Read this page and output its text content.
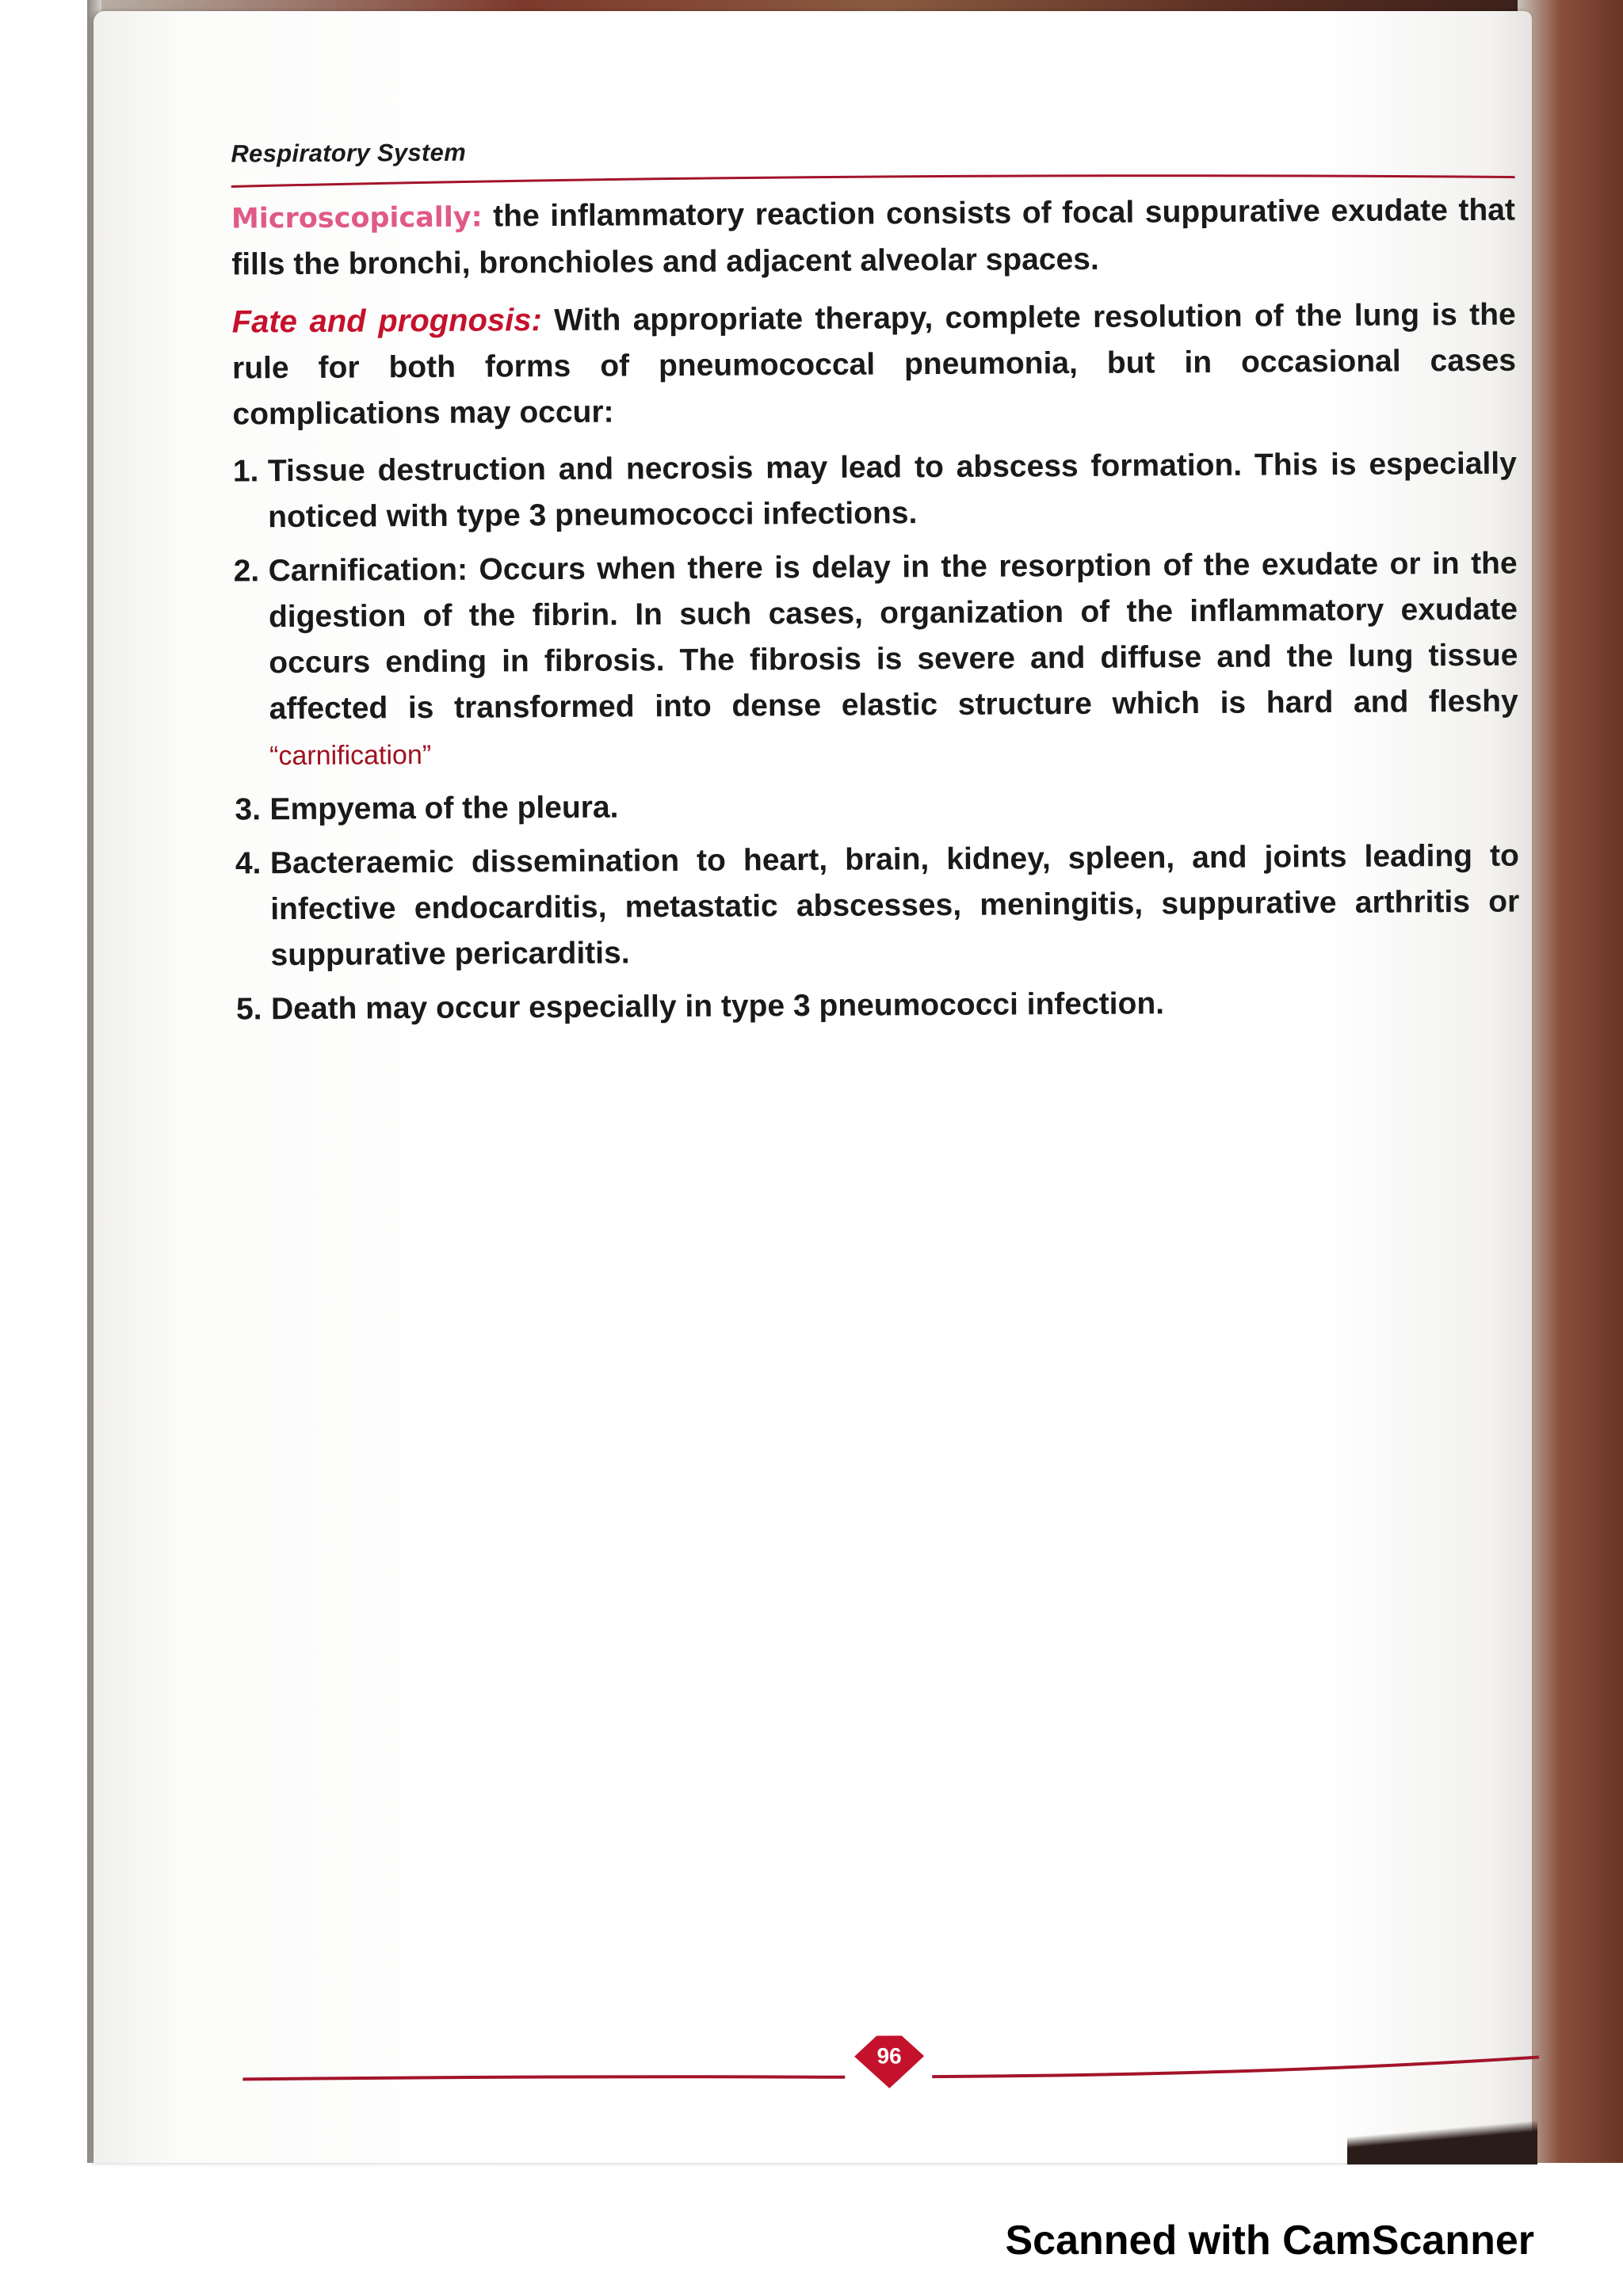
Respiratory System

Microscopically: the inflammatory reaction consists of focal suppurative exudate that fills the bronchi, bronchioles and adjacent alveolar spaces.

Fate and prognosis: With appropriate therapy, complete resolution of the lung is the rule for both forms of pneumococcal pneumonia, but in occasional cases complications may occur:

1. Tissue destruction and necrosis may lead to abscess formation. This is especially noticed with type 3 pneumococci infections.
2. Carnification: Occurs when there is delay in the resorption of the exudate or in the digestion of the fibrin. In such cases, organization of the inflammatory exudate occurs ending in fibrosis. The fibrosis is severe and diffuse and the lung tissue affected is transformed into dense elastic structure which is hard and fleshy “carnification”
3. Empyema of the pleura.
4. Bacteraemic dissemination to heart, brain, kidney, spleen, and joints leading to infective endocarditis, metastatic abscesses, meningitis, suppurative arthritis or suppurative pericarditis.
5. Death may occur especially in type 3 pneumococci infection.
96
Scanned with CamScanner
